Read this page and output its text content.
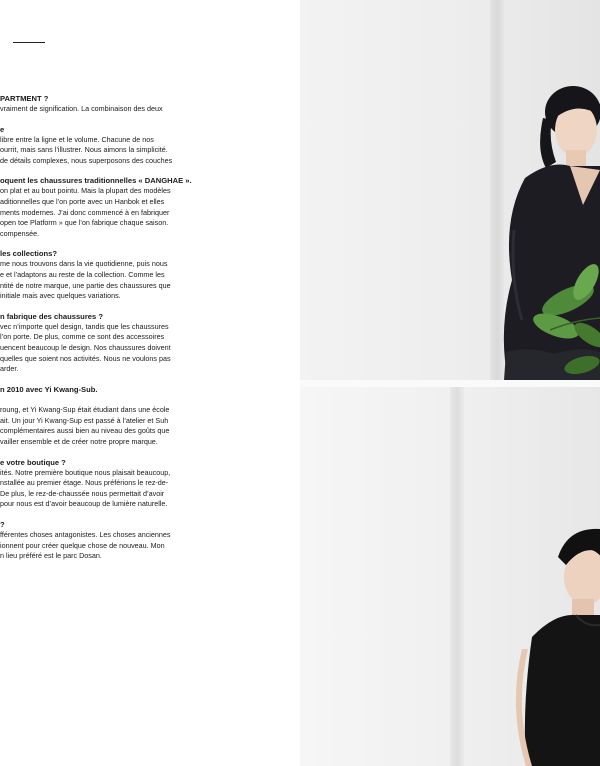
PARTMENT ?

vraiment de signification. La combinaison des deux

e

libre entre la ligne et le volume. Chacune de nos

ourrit, mais sans l’illustrer. Nous aimons la simplicité.

de détails complexes, nous superposons des couches

oquent les chaussures traditionnelles « DANGHAE ».

on plat et au bout pointu. Mais la plupart des modèles

aditionnelles que l’on porte avec un Hanbok et elles

ments modernes. J’ai donc commencé à en fabriquer

open toe Platform » que l’on fabrique chaque saison.

compensée.

les collections?

me nous trouvons dans la vie quotidienne, puis nous

e et l’adaptons au reste de la collection. Comme les

ntité de notre marque, une partie des chaussures que

initiale mais avec quelques variations.

n fabrique des chaussures ?

vec n’importe quel design, tandis que les chaussures

l’on porte. De plus, comme ce sont des accessoires

uencent beaucoup le design. Nos chaussures doivent

quelles que soient nos activités. Nous ne voulons pas

arder.

n 2010 avec Yi Kwang-Sub.

roung, et Yi Kwang-Sup était étudiant dans une école

ait. Un jour Yi Kwang-Sup est passé à l’atelier et Suh

complémentaires aussi bien au niveau des goûts que

vailler ensemble et de créer notre propre marque.

e votre boutique ?

ités. Notre première boutique nous plaisait beaucoup,

nstallée au premier étage. Nous préférions le rez-de-

De plus, le rez-de-chaussée nous permettait d’avoir

pour nous est d’avoir beaucoup de lumière naturelle.

?

fférentes choses antagonistes. Les choses anciennes

ionnent pour créer quelque chose de nouveau. Mon

n lieu préféré est le parc Dosan.
